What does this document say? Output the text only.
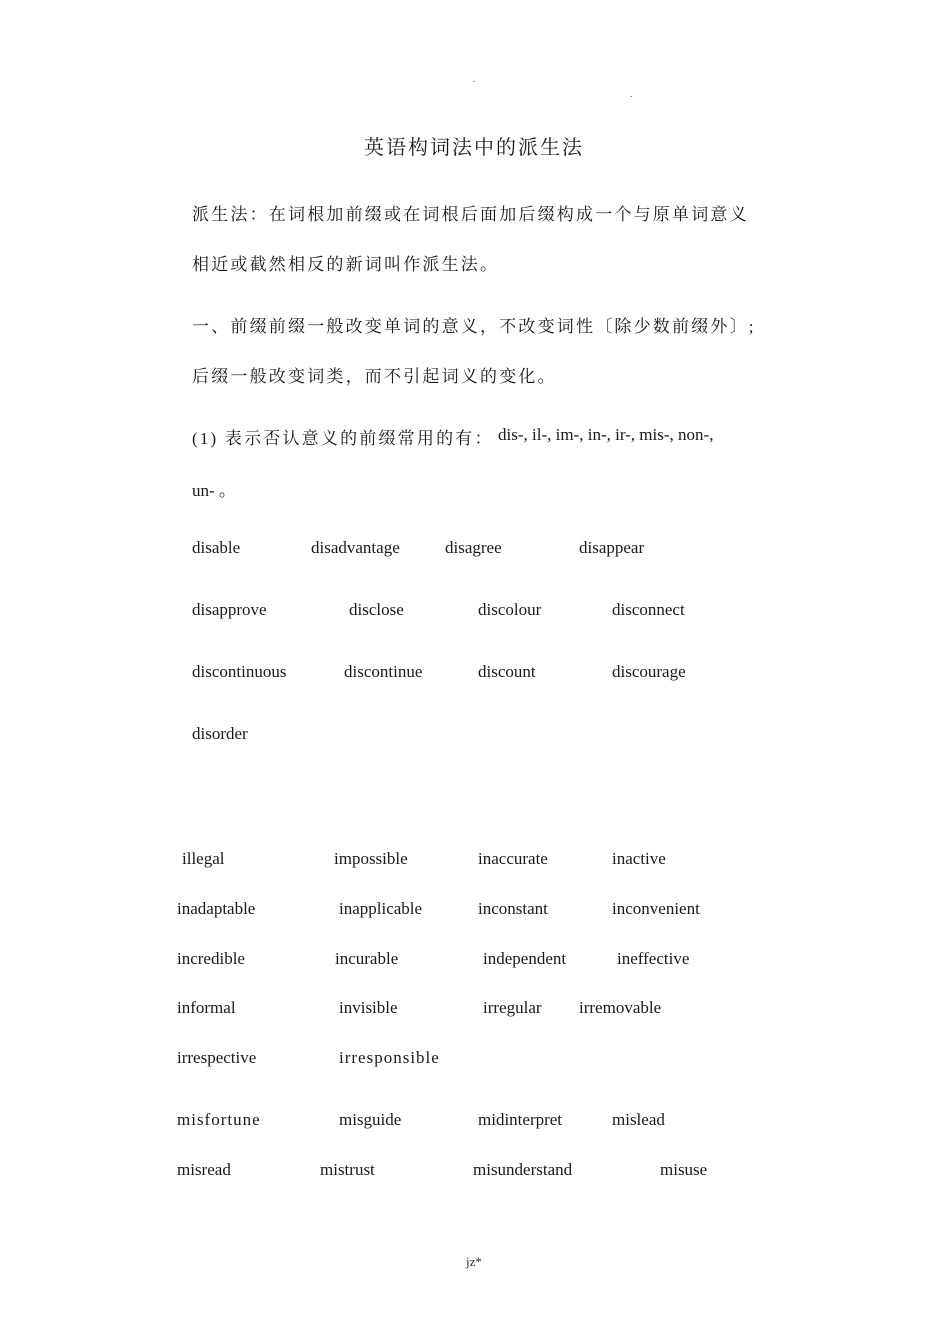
.
.
英语构词法中的派生法
派生法：在词根加前缀或在词根后面加后缀构成一个与原单词意义
相近或截然相反的新词叫作派生法。
一、前缀前缀一般改变单词的意义，不改变词性〔除少数前缀外〕;
后缀一般改变词类，而不引起词义的变化。
(1) 表示否认意义的前缀常用的有： dis-, il-, im-, in-, ir-, mis-, non-,
un- 。
disable	disadvantage	disagree	disappear
disapprove	disclose	discolour	disconnect
discontinuous	discontinue	discount	discourage
disorder
illegal	impossible	inaccurate	inactive
inadaptable	inapplicable	inconstant	inconvenient
incredible	incurable	independent	ineffective
informal	invisible	irregular irremovable
irrespective	irresponsible
misfortune	misguide	midinterpret	mislead
misread	mistrust	misunderstand	misuse
jz*
